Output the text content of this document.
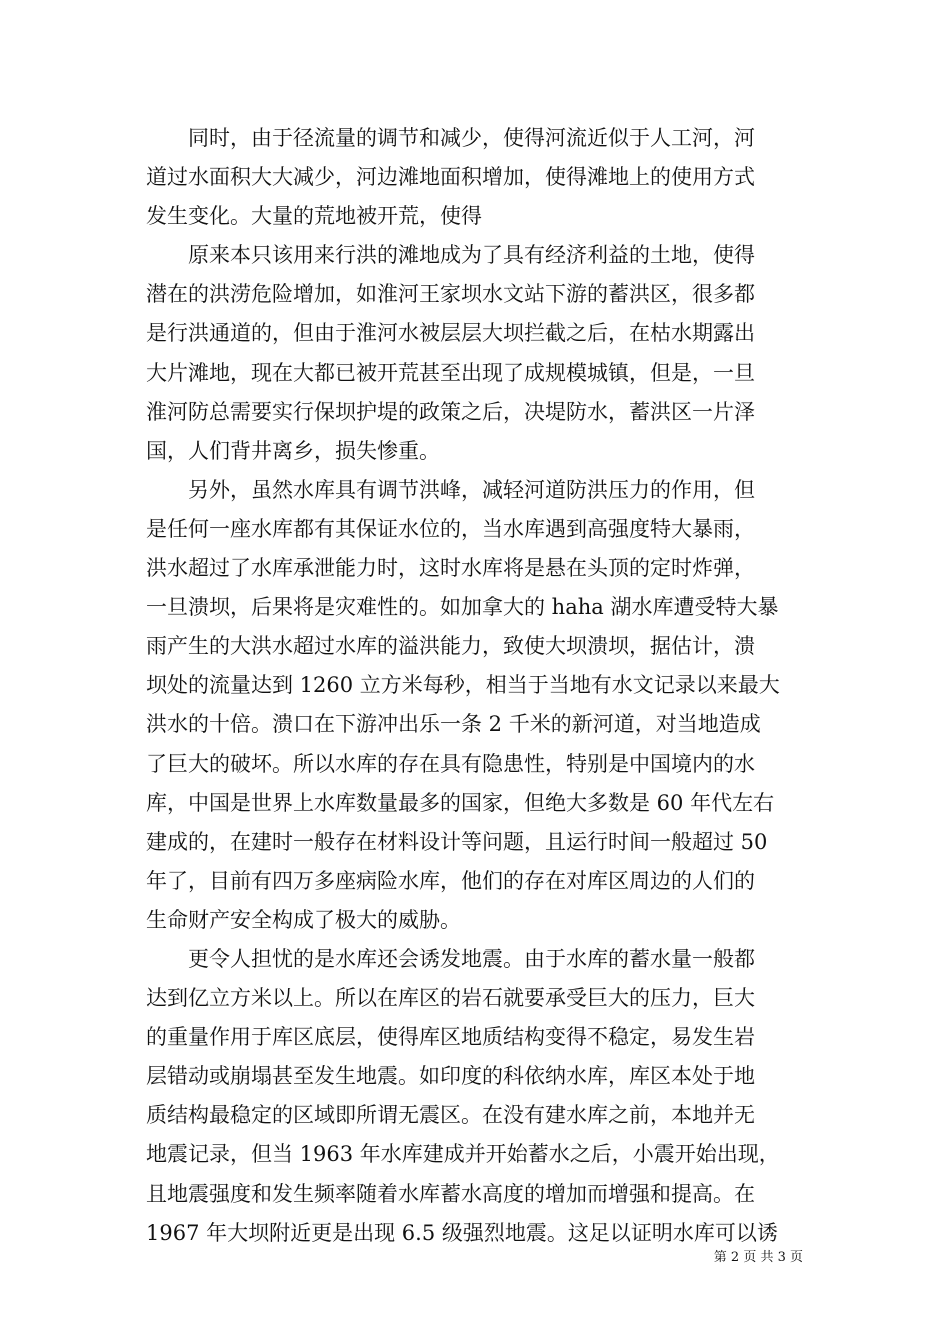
同时，由于径流量的调节和减少，使得河流近似于人工河，河
道过水面积大大减少，河边滩地面积增加，使得滩地上的使用方式
发生变化。大量的荒地被开荒，使得
原来本只该用来行洪的滩地成为了具有经济利益的土地，使得
潜在的洪涝危险增加，如淮河王家坝水文站下游的蓄洪区，很多都
是行洪通道的，但由于淮河水被层层大坝拦截之后，在枯水期露出
大片滩地，现在大都已被开荒甚至出现了成规模城镇，但是，一旦
淮河防总需要实行保坝护堤的政策之后，决堤防水，蓄洪区一片泽
国，人们背井离乡，损失惨重。
另外，虽然水库具有调节洪峰，减轻河道防洪压力的作用，但
是任何一座水库都有其保证水位的，当水库遇到高强度特大暴雨，
洪水超过了水库承泄能力时，这时水库将是悬在头顶的定时炸弹，
一旦溃坝，后果将是灾难性的。如加拿大的 haha 湖水库遭受特大暴
雨产生的大洪水超过水库的溢洪能力，致使大坝溃坝，据估计，溃
坝处的流量达到 1260 立方米每秒，相当于当地有水文记录以来最大
洪水的十倍。溃口在下游冲出乐一条 2 千米的新河道，对当地造成
了巨大的破坏。所以水库的存在具有隐患性，特别是中国境内的水
库，中国是世界上水库数量最多的国家，但绝大多数是 60 年代左右
建成的，在建时一般存在材料设计等问题，且运行时间一般超过 50
年了，目前有四万多座病险水库，他们的存在对库区周边的人们的
生命财产安全构成了极大的威胁。
更令人担忧的是水库还会诱发地震。由于水库的蓄水量一般都
达到亿立方米以上。所以在库区的岩石就要承受巨大的压力，巨大
的重量作用于库区底层，使得库区地质结构变得不稳定，易发生岩
层错动或崩塌甚至发生地震。如印度的科依纳水库，库区本处于地
质结构最稳定的区域即所谓无震区。在没有建水库之前，本地并无
地震记录，但当 1963 年水库建成并开始蓄水之后，小震开始出现，
且地震强度和发生频率随着水库蓄水高度的增加而增强和提高。在
1967 年大坝附近更是出现 6.5 级强烈地震。这足以证明水库可以诱
第 2 页 共 3 页
